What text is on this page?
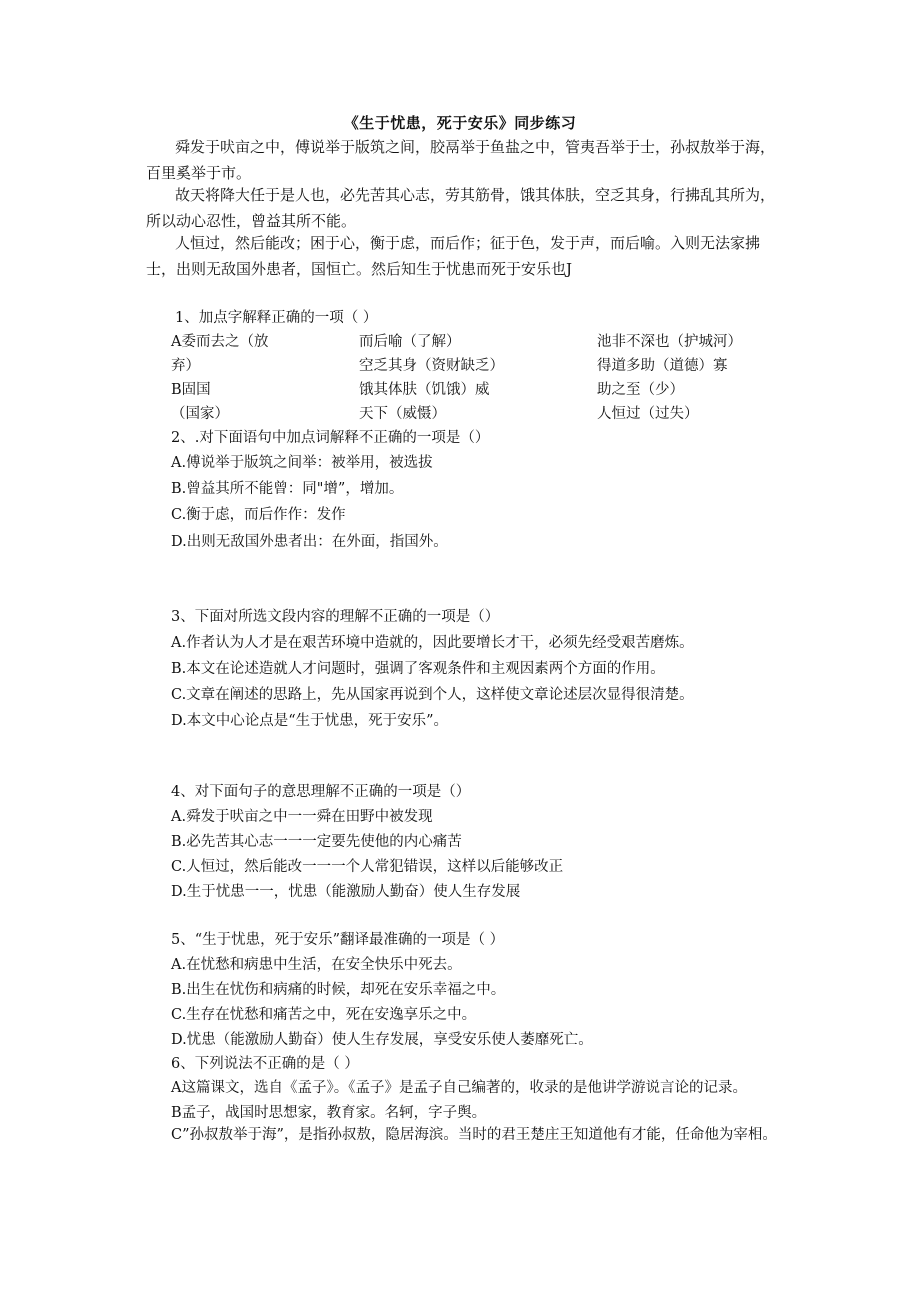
《生于忧患，死于安乐》同步练习

舜发于吠亩之中，傅说举于版筑之间，胶鬲举于鱼盐之中，管夷吾举于士，孙叔敖举于海，百里奚举于市。

故天将降大任于是人也，必先苦其心志，劳其筋骨，饿其体肤，空乏其身，行拂乱其所为，所以动心忍性，曾益其所不能。

人恒过，然后能改；困于心，衡于虑，而后作；征于色，发于声，而后喻。入则无法家拂士，出则无敌国外患者，国恒亡。然后知生于忧患而死于安乐也J

1、加点字解释正确的一项（ ）

A委而去之（放弃）
B固国          （国家）

而后喻（了解）
空乏其身（资财缺乏）饿其体肤（饥饿）威天下（威慑）

池非不深也（护城河）得道多助（道德）寡助之至（少）
人恒过（过失）

2、.对下面语句中加点词解释不正确的一项是（）
A.傅说举于版筑之间举：被举用，被选拔
B.曾益其所不能曾：同"增”，增加。
C.衡于虑，而后作作：发作
D.出则无敌国外患者出：在外面，指国外。
3、下面对所选文段内容的理解不正确的一项是（）
A.作者认为人才是在艰苦环境中造就的，因此要增长才干，必须先经受艰苦磨炼。
B.本文在论述造就人才问题时，强调了客观条件和主观因素两个方面的作用。
C.文章在阐述的思路上，先从国家再说到个人，这样使文章论述层次显得很清楚。
D.本文中心论点是“生于忧患，死于安乐”。
4、对下面句子的意思理解不正确的一项是（）
A.舜发于吠亩之中一一舜在田野中被发现
B.必先苦其心志一一一定要先使他的内心痛苦
C.人恒过，然后能改一一一个人常犯错误，这样以后能够改正
D.生于忧患一一，忧患（能激励人勤奋）使人生存发展
5、“生于忧患，死于安乐”翻译最准确的一项是（ ）
A.在忧愁和病患中生活，在安全快乐中死去。
B.出生在忧伤和病痛的时候，却死在安乐幸福之中。
C.生存在忧愁和痛苦之中，死在安逸享乐之中。
D.忧患（能激励人勤奋）使人生存发展，享受安乐使人萎靡死亡。
6、下列说法不正确的是（ ）
A这篇课文，选自《孟子》。《孟子》是孟子自己编著的，收录的是他讲学游说言论的记录。
B孟子，战国时思想家，教育家。名轲，字子舆。

C”孙叔敖举于海”，是指孙叔敖，隐居海滨。当时的君王楚庄王知道他有才能，任命他为宰相。
